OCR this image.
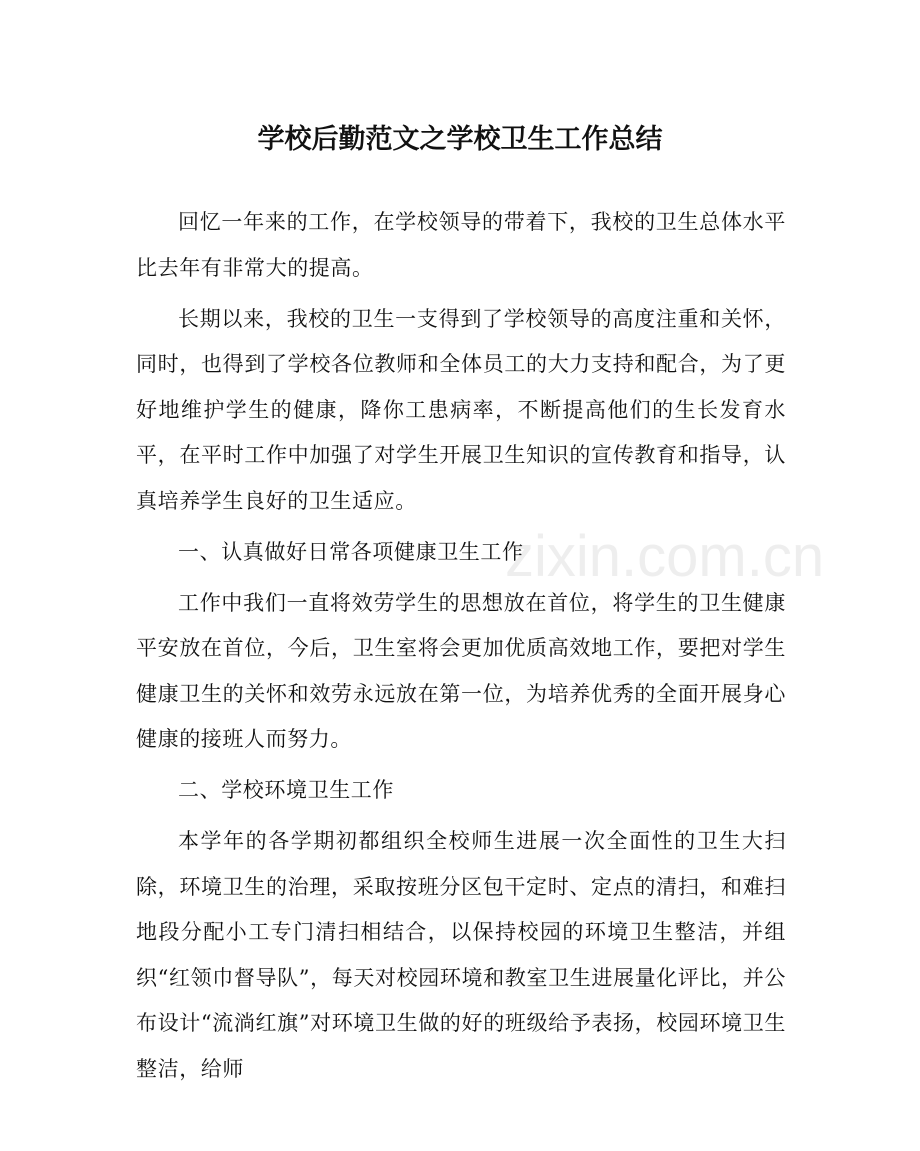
学校后勤范文之学校卫生工作总结

回忆一年来的工作，在学校领导的带着下，我校的卫生总体水平比去年有非常大的提高。

长期以来，我校的卫生一支得到了学校领导的高度注重和关怀，同时，也得到了学校各位教师和全体员工的大力支持和配合，为了更好地维护学生的健康，降你工患病率，不断提高他们的生长发育水平，在平时工作中加强了对学生开展卫生知识的宣传教育和指导，认真培养学生良好的卫生适应。

一、认真做好日常各项健康卫生工作

工作中我们一直将效劳学生的思想放在首位，将学生的卫生健康平安放在首位，今后，卫生室将会更加优质高效地工作，要把对学生健康卫生的关怀和效劳永远放在第一位，为培养优秀的全面开展身心健康的接班人而努力。

二、学校环境卫生工作

本学年的各学期初都组织全校师生进展一次全面性的卫生大扫除，环境卫生的治理，采取按班分区包干定时、定点的清扫，和难扫地段分配小工专门清扫相结合，以保持校园的环境卫生整洁，并组织“红领巾督导队”，每天对校园环境和教室卫生进展量化评比，并公布设计“流淌红旗”对环境卫生做的好的班级给予表扬，校园环境卫生整洁，给师

zixin.com.cn
